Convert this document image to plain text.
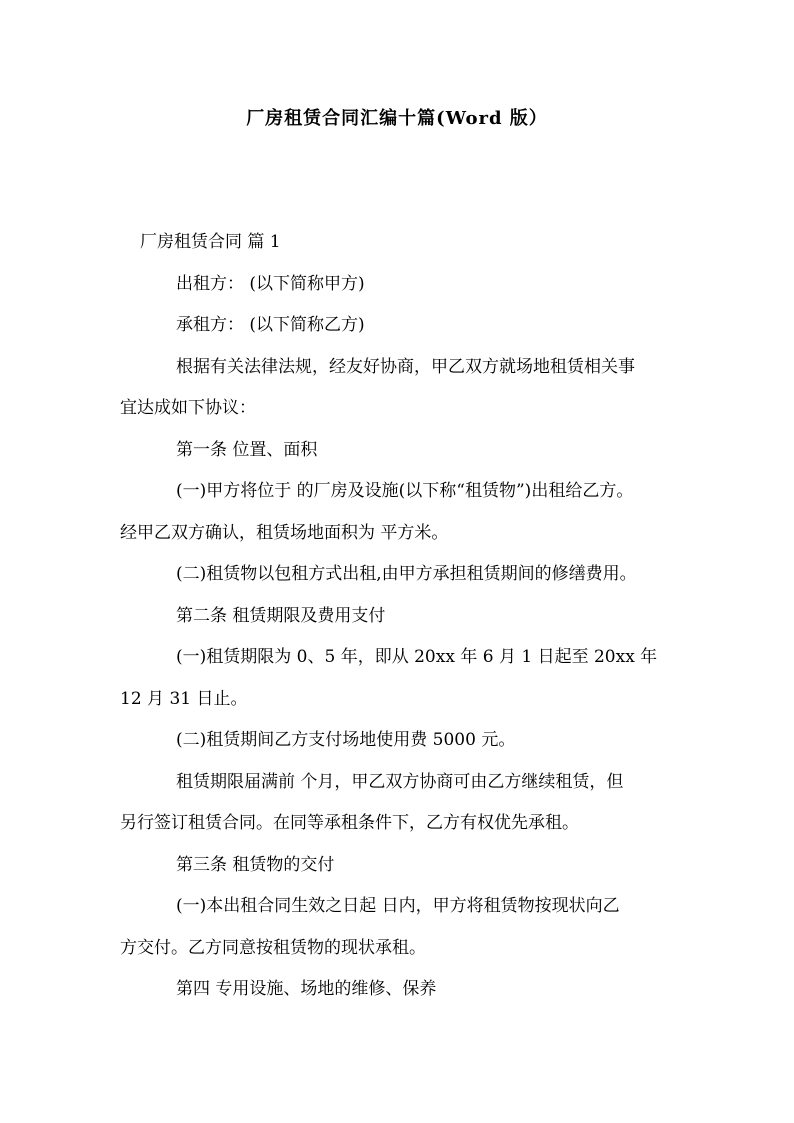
厂房租赁合同汇编十篇(Word 版）
厂房租赁合同 篇 1
出租方： (以下简称甲方)
承租方： (以下简称乙方)
根据有关法律法规，经友好协商，甲乙双方就场地租赁相关事
宜达成如下协议：
第一条 位置、面积
(一)甲方将位于 的厂房及设施(以下称“租赁物”)出租给乙方。
经甲乙双方确认，租赁场地面积为 平方米。
(二)租赁物以包租方式出租,由甲方承担租赁期间的修缮费用。
第二条 租赁期限及费用支付
(一)租赁期限为 0、5 年，即从 20xx 年 6 月 1 日起至 20xx 年
12 月 31 日止。
(二)租赁期间乙方支付场地使用费 5000 元。
租赁期限届满前 个月，甲乙双方协商可由乙方继续租赁，但
另行签订租赁合同。在同等承租条件下，乙方有权优先承租。
第三条 租赁物的交付
(一)本出租合同生效之日起 日内，甲方将租赁物按现状向乙
方交付。乙方同意按租赁物的现状承租。
第四 专用设施、场地的维修、保养
